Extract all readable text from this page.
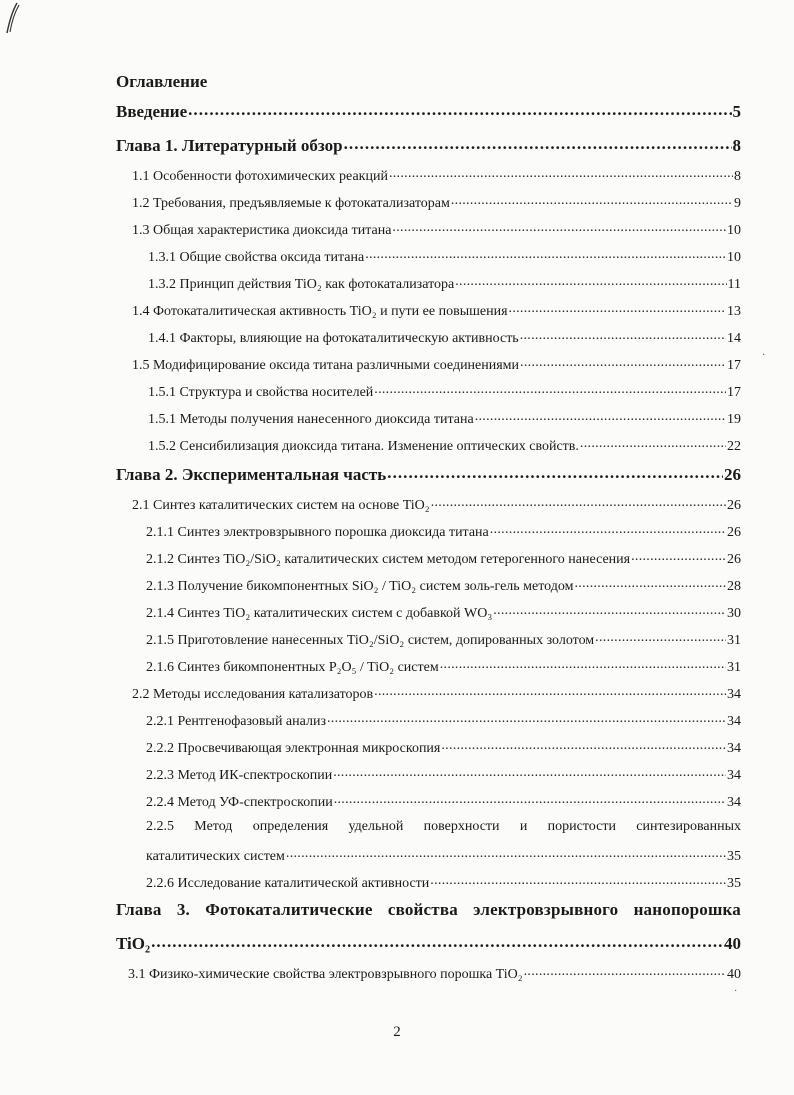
Оглавление
Введение . . .	5
Глава 1. Литературный обзор . . .	8
1.1 Особенности фотохимических реакций . . .	8
1.2 Требования, предъявляемые к фотокатализаторам . . .	9
1.3 Общая характеристика диоксида титана . . .	10
1.3.1 Общие свойства оксида титана . . .	10
1.3.2 Принцип действия TiO₂ как фотокатализатора . . .	11
1.4 Фотокаталитическая активность TiO₂ и пути ее повышения . . .	13
1.4.1 Факторы, влияющие на фотокаталитическую активность . . .	14
1.5 Модифицирование оксида титана различными соединениями . . .	17
1.5.1 Структура и свойства носителей . . .	17
1.5.1 Методы получения нанесенного диоксида титана . . .	19
1.5.2 Сенсибилизация диоксида титана. Изменение оптических свойств. . . .	22
Глава 2. Экспериментальная часть . . .	26
2.1 Синтез каталитических систем на основе TiO₂ . . .	26
2.1.1 Синтез электровзрывного порошка диоксида титана . . .	26
2.1.2 Синтез TiO₂/SiO₂ каталитических систем методом гетерогенного нанесения . . .	26
2.1.3 Получение бикомпонентных SiO₂ / TiO₂ систем золь-гель методом . . .	28
2.1.4 Синтез TiO₂ каталитических систем с добавкой WO₃ . . .	30
2.1.5 Приготовление нанесенных TiO₂/SiO₂ систем, допированных золотом . . .	31
2.1.6 Синтез бикомпонентных P₂O₅ / TiO₂ систем . . .	31
2.2 Методы исследования катализаторов . . .	34
2.2.1 Рентгенофазовый анализ . . .	34
2.2.2 Просвечивающая электронная микроскопия . . .	34
2.2.3 Метод ИК-спектроскопии . . .	34
2.2.4 Метод УФ-спектроскопии . . .	34
2.2.5 Метод определения удельной поверхности и пористости синтезированных
каталитических систем . . .	35
2.2.6 Исследование каталитической активности . . .	35
Глава 3. Фотокаталитические свойства электровзрывного нанопорошка
TiO₂ . . .	40
3.1 Физико-химические свойства электровзрывного порошка TiO₂ . . .	40
·
·
2
